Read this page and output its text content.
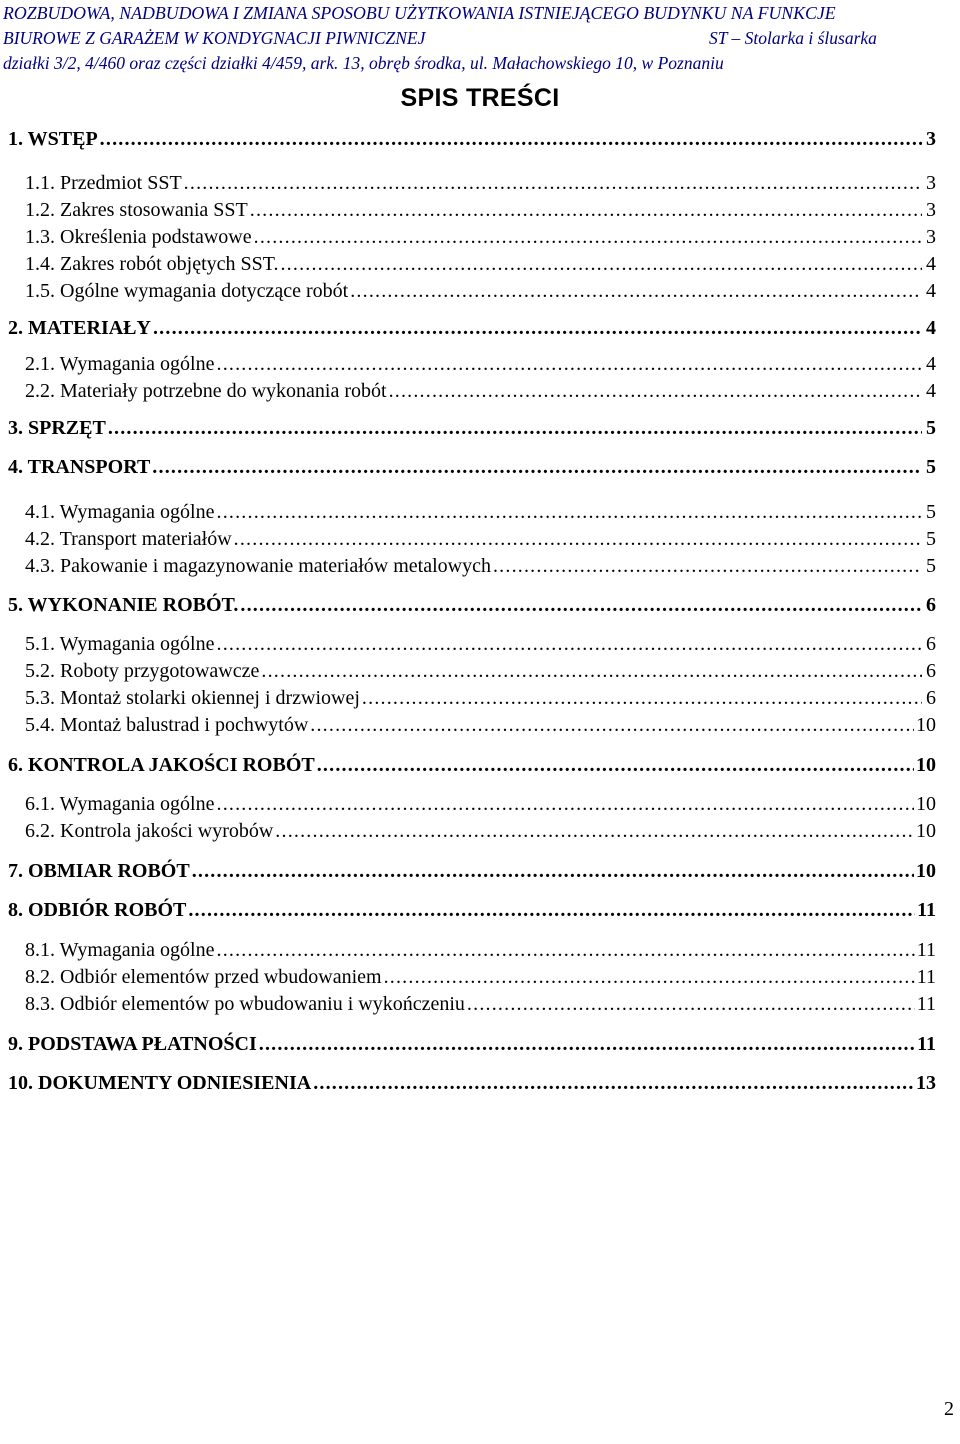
ROZBUDOWA, NADBUDOWA I ZMIANA SPOSOBU UŻYTKOWANIA ISTNIEJĄCEGO BUDYNKU NA FUNKCJE
BIUROWE Z GARAŻEM W KONDYGNACJI PIWNICZNEJ	ST – Stolarka i ślusarka
działki 3/2, 4/460 oraz części działki 4/459, ark. 13, obręb środka, ul. Małachowskiego 10, w Poznaniu
SPIS TREŚCI
1. WSTĘP .....	3
1.1. Przedmiot SST .....	3
1.2. Zakres stosowania SST .....	3
1.3. Określenia podstawowe .....	3
1.4. Zakres robót objętych SST. .....	4
1.5. Ogólne wymagania dotyczące robót .....	4
2. MATERIAŁY .....	4
2.1. Wymagania ogólne .....	4
2.2. Materiały potrzebne do wykonania robót .....	4
3. SPRZĘT .....	5
4. TRANSPORT .....	5
4.1. Wymagania ogólne .....	5
4.2. Transport materiałów .....	5
4.3. Pakowanie i magazynowanie materiałów metalowych .....	5
5. WYKONANIE ROBÓT. .....	6
5.1. Wymagania ogólne .....	6
5.2. Roboty przygotowawcze .....	6
5.3. Montaż stolarki okiennej i drzwiowej .....	6
5.4. Montaż balustrad i pochwytów .....	10
6. KONTROLA JAKOŚCI ROBÓT .....	10
6.1. Wymagania ogólne .....	10
6.2. Kontrola jakości wyrobów .....	10
7. OBMIAR ROBÓT .....	10
8. ODBIÓR ROBÓT .....	11
8.1. Wymagania ogólne .....	11
8.2. Odbiór elementów przed wbudowaniem .....	11
8.3. Odbiór elementów po wbudowaniu i wykończeniu .....	11
9. PODSTAWA PŁATNOŚCI .....	11
10. DOKUMENTY ODNIESIENIA .....	13
2
